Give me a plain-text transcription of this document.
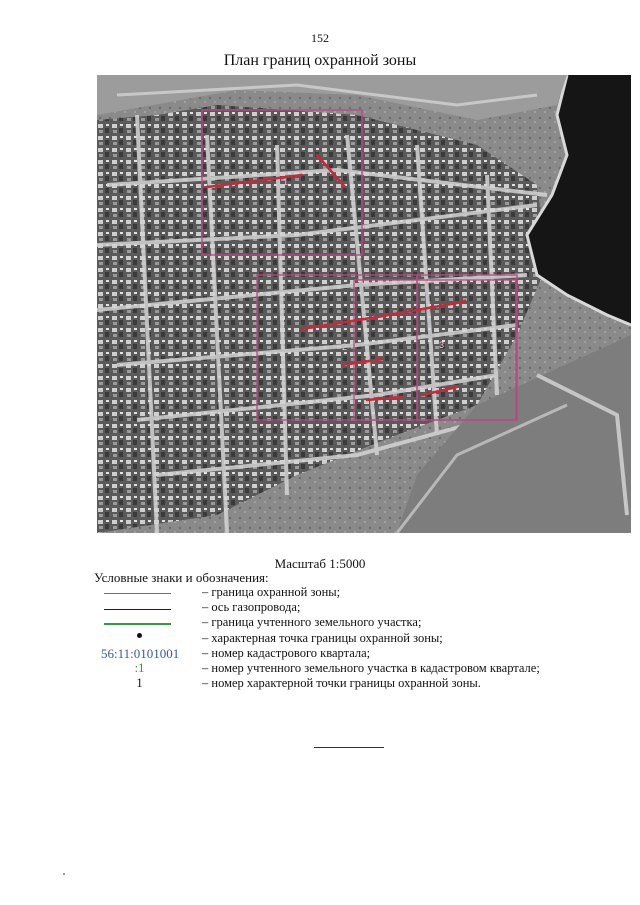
152
План границ охранной зоны
1
2	3
Масштаб 1:5000
Условные знаки и обозначения:
– граница охранной зоны;
– ось газопровода;
– граница учтенного земельного участка;
– характерная точка границы охранной зоны;
56:11:0101001	– номер кадастрового квартала;
:1	– номер учтенного земельного участка в кадастровом квартале;
1	– номер характерной точки границы охранной зоны.
